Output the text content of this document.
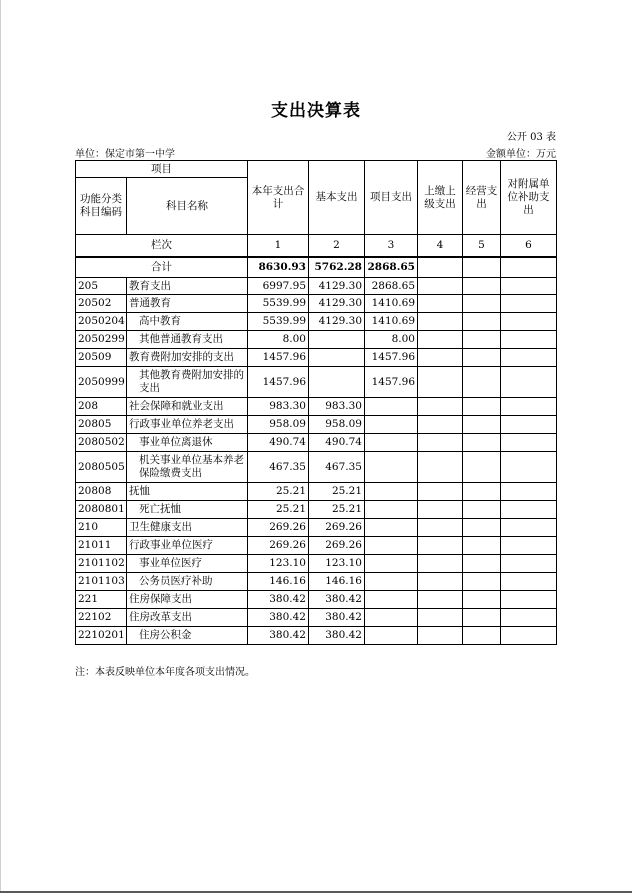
支出决算表
公开 03 表
单位：保定市第一中学	金额单位：万元
项目		本年支出合计	基本支出	项目支出	上缴上级支出	经营支出	对附属单位补助支出
功能分类科目编码	科目名称						
栏次		1	2	3	4	5	6
合计		8630.93	5762.28	2868.65			
205	教育支出	6997.95	4129.30	2868.65			
20502	普通教育	5539.99	4129.30	1410.69			
2050204	高中教育	5539.99	4129.30	1410.69			
2050299	其他普通教育支出	8.00		8.00			
20509	教育费附加安排的支出	1457.96		1457.96			
2050999	其他教育费附加安排的支出	1457.96		1457.96			
208	社会保障和就业支出	983.30	983.30				
20805	行政事业单位养老支出	958.09	958.09				
2080502	事业单位离退休	490.74	490.74				
2080505	机关事业单位基本养老保险缴费支出	467.35	467.35				
20808	抚恤	25.21	25.21				
2080801	死亡抚恤	25.21	25.21				
210	卫生健康支出	269.26	269.26				
21011	行政事业单位医疗	269.26	269.26				
2101102	事业单位医疗	123.10	123.10				
2101103	公务员医疗补助	146.16	146.16				
221	住房保障支出	380.42	380.42				
22102	住房改革支出	380.42	380.42				
2210201	住房公积金	380.42	380.42				
注：本表反映单位本年度各项支出情况。
